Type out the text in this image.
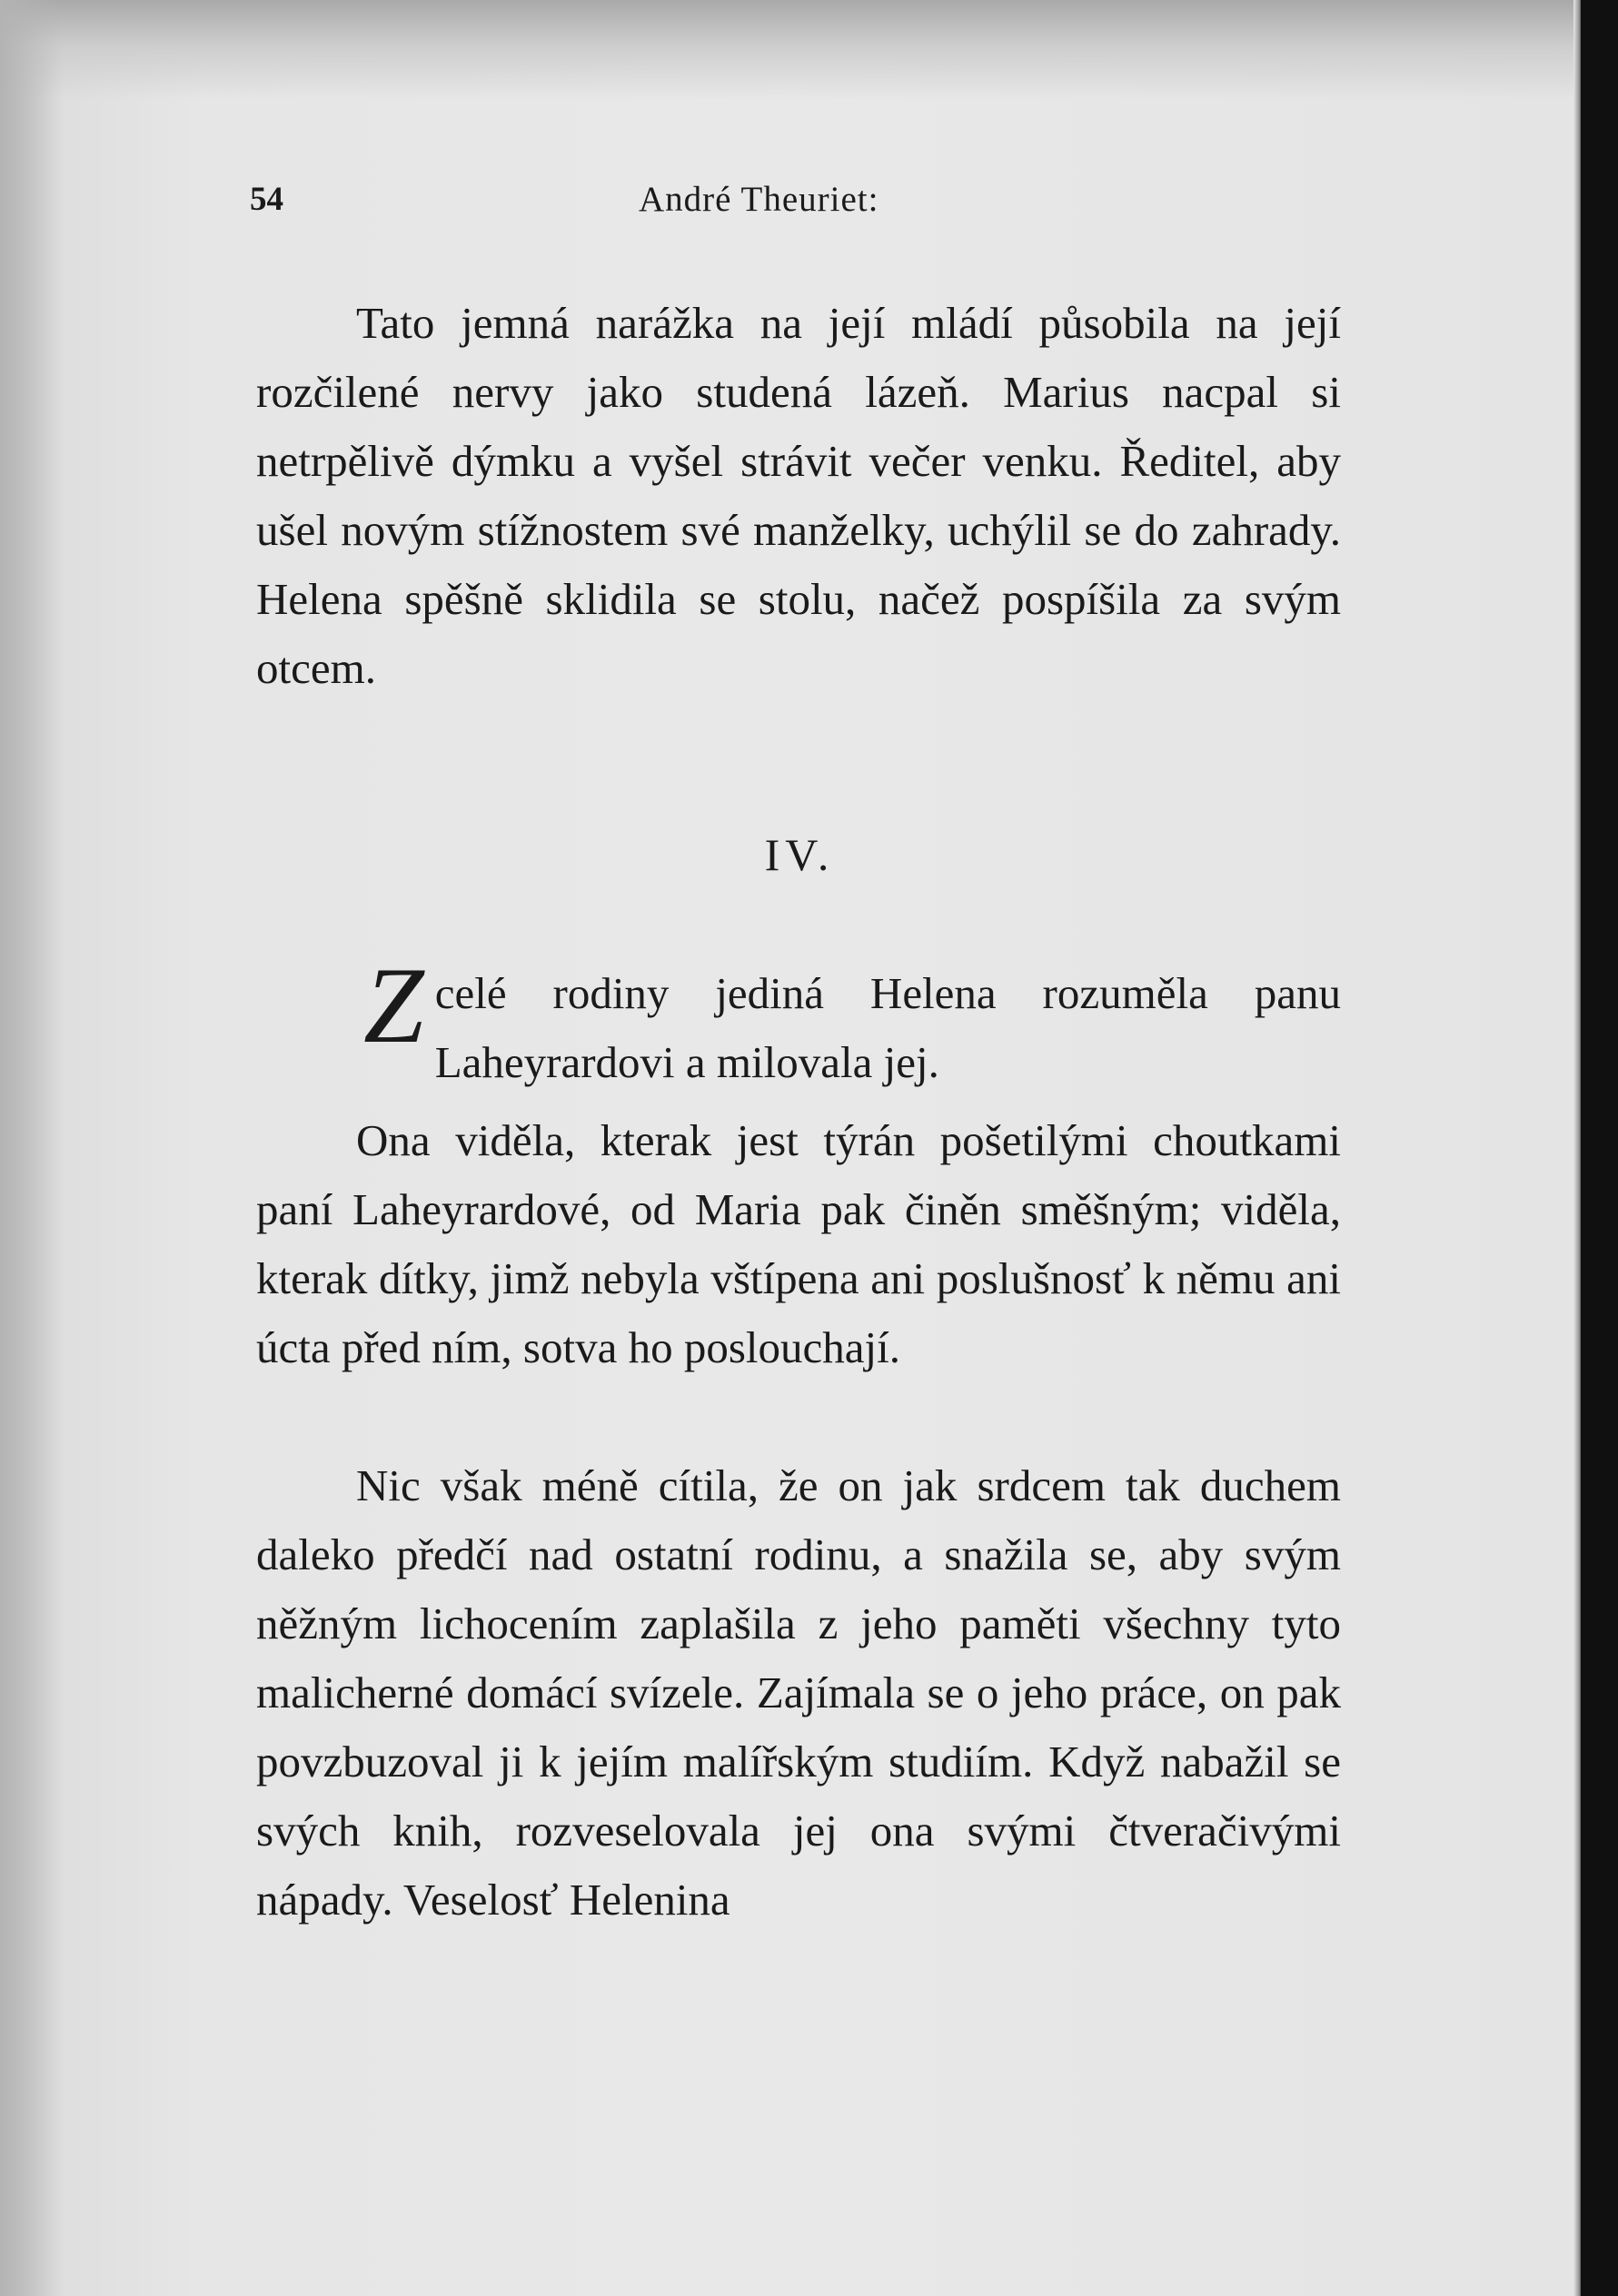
54	André Theuriet:

Tato jemná narážka na její mládí působila na její rozčilené nervy jako studená lázeň. Marius nacpal si netrpělivě dýmku a vyšel strávit večer venku. Ředitel, aby ušel novým stížnostem své manželky, uchýlil se do zahrady. Helena spěšně sklidila se stolu, načež pospíšila za svým otcem.

IV.

Z celé rodiny jediná Helena rozuměla panu Laheyrardovi a milovala jej.

Ona viděla, kterak jest týrán pošetilými choutkami paní Laheyrardové, od Maria pak činěn směšným; viděla, kterak dítky, jimž nebyla vštípena ani poslušnosť k němu ani úcta před ním, sotva ho poslouchají.

Nic však méně cítila, že on jak srdcem tak duchem daleko předčí nad ostatní rodinu, a snažila se, aby svým něžným lichocením zaplašila z jeho paměti všechny tyto malicherné domácí svízele. Zajímala se o jeho práce, on pak povzbuzoval ji k jejím malířským studiím. Když nabažil se svých knih, rozveselovala jej ona svými čtveračivými nápady. Veselosť Helenina
